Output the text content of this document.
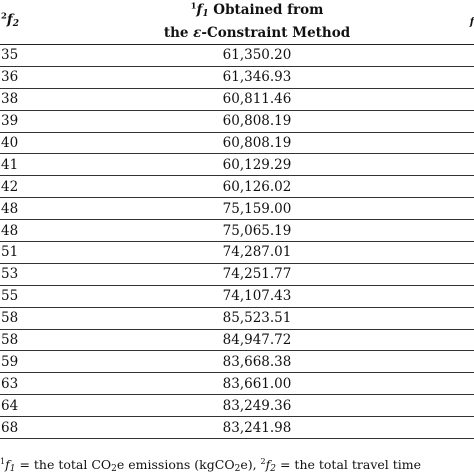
$^2$f2	$^1$f1 Obtained from
the ε-Constraint Method	f
35	61,350.20	
36	61,346.93	
38	60,811.46	
39	60,808.19	
40	60,808.19	
41	60,129.29	
42	60,126.02	
48	75,159.00	
48	75,065.19	
51	74,287.01	
53	74,251.77	
55	74,107.43	
58	85,523.51	
58	84,947.72	
59	83,668.38	
63	83,661.00	
64	83,249.36	
68	83,241.98	
$^1$f1 = the total CO2e emissions (kgCO2e), $^2$f2 = the total travel time
